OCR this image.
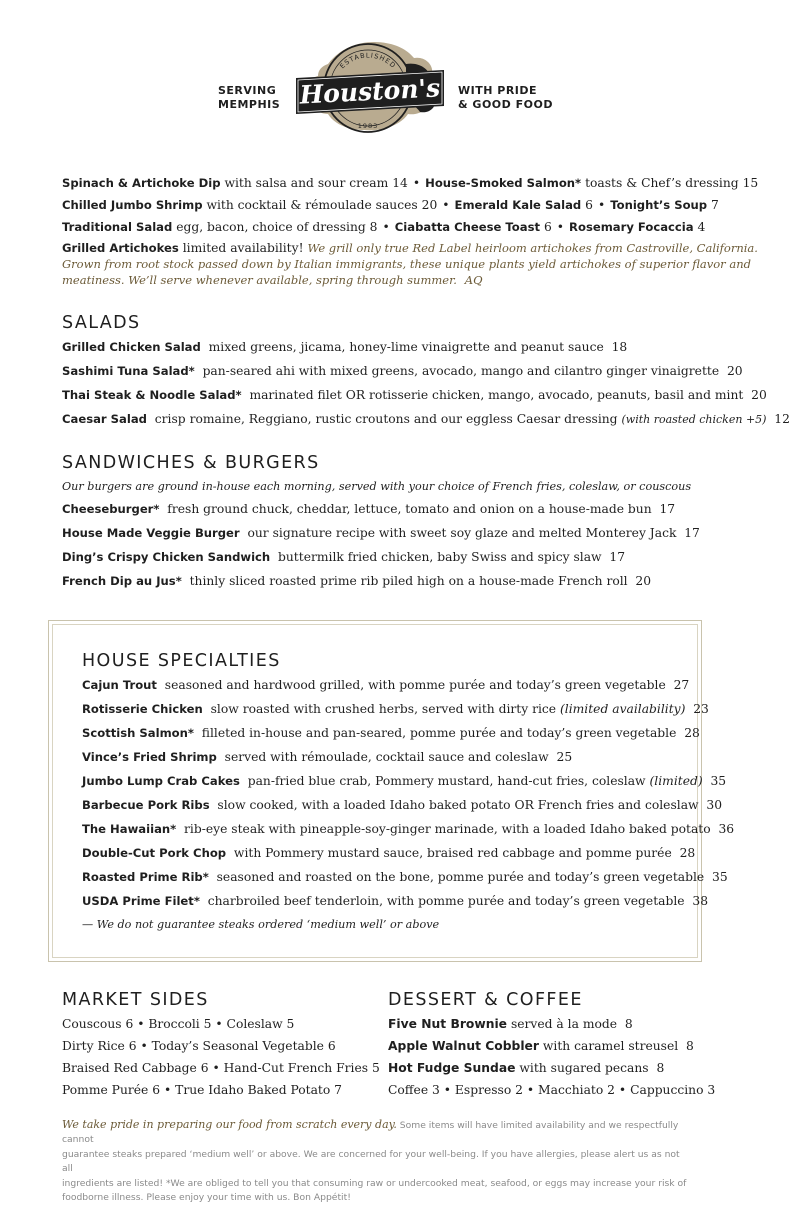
SERVING
MEMPHIS
ESTABLISHED
Houston's
1983
WITH PRIDE
& GOOD FOOD
Spinach & Artichoke Dip with salsa and sour cream 14 • House-Smoked Salmon* toasts & Chef’s dressing 15
Chilled Jumbo Shrimp with cocktail & rémoulade sauces 20 • Emerald Kale Salad 6 • Tonight’s Soup 7
Traditional Salad egg, bacon, choice of dressing 8 • Ciabatta Cheese Toast 6 • Rosemary Focaccia 4
Grilled Artichokes limited availability! We grill only true Red Label heirloom artichokes from Castroville, California.
Grown from root stock passed down by Italian immigrants, these unique plants yield artichokes of superior flavor and
meatiness. We’ll serve whenever available, spring through summer. AQ
SALADS
Grilled Chicken Salad mixed greens, jicama, honey-lime vinaigrette and peanut sauce 18
Sashimi Tuna Salad* pan-seared ahi with mixed greens, avocado, mango and cilantro ginger vinaigrette 20
Thai Steak & Noodle Salad* marinated filet OR rotisserie chicken, mango, avocado, peanuts, basil and mint 20
Caesar Salad crisp romaine, Reggiano, rustic croutons and our eggless Caesar dressing (with roasted chicken +5) 12
SANDWICHES & BURGERS
Our burgers are ground in-house each morning, served with your choice of French fries, coleslaw, or couscous
Cheeseburger* fresh ground chuck, cheddar, lettuce, tomato and onion on a house-made bun 17
House Made Veggie Burger our signature recipe with sweet soy glaze and melted Monterey Jack 17
Ding’s Crispy Chicken Sandwich buttermilk fried chicken, baby Swiss and spicy slaw 17
French Dip au Jus* thinly sliced roasted prime rib piled high on a house-made French roll 20
HOUSE SPECIALTIES
Cajun Trout seasoned and hardwood grilled, with pomme purée and today’s green vegetable 27
Rotisserie Chicken slow roasted with crushed herbs, served with dirty rice (limited availability) 23
Scottish Salmon* filleted in-house and pan-seared, pomme purée and today’s green vegetable 28
Vince’s Fried Shrimp served with rémoulade, cocktail sauce and coleslaw 25
Jumbo Lump Crab Cakes pan-fried blue crab, Pommery mustard, hand-cut fries, coleslaw (limited) 35
Barbecue Pork Ribs slow cooked, with a loaded Idaho baked potato OR French fries and coleslaw 30
The Hawaiian* rib-eye steak with pineapple-soy-ginger marinade, with a loaded Idaho baked potato 36
Double-Cut Pork Chop with Pommery mustard sauce, braised red cabbage and pomme purée 28
Roasted Prime Rib* seasoned and roasted on the bone, pomme purée and today’s green vegetable 35
USDA Prime Filet* charbroiled beef tenderloin, with pomme purée and today’s green vegetable 38
— We do not guarantee steaks ordered ‘medium well’ or above
MARKET SIDES
Couscous 6 • Broccoli 5 • Coleslaw 5
Dirty Rice 6 • Today’s Seasonal Vegetable 6
Braised Red Cabbage 6 • Hand-Cut French Fries 5
Pomme Purée 6 • True Idaho Baked Potato 7
DESSERT & COFFEE
Five Nut Brownie served à la mode 8
Apple Walnut Cobbler with caramel streusel 8
Hot Fudge Sundae with sugared pecans 8
Coffee 3 • Espresso 2 • Macchiato 2 • Cappuccino 3
We take pride in preparing our food from scratch every day. Some items will have limited availability and we respectfully cannot
guarantee steaks prepared ‘medium well’ or above. We are concerned for your well-being. If you have allergies, please alert us as not all
ingredients are listed! *We are obliged to tell you that consuming raw or undercooked meat, seafood, or eggs may increase your risk of
foodborne illness. Please enjoy your time with us. Bon Appétit!
